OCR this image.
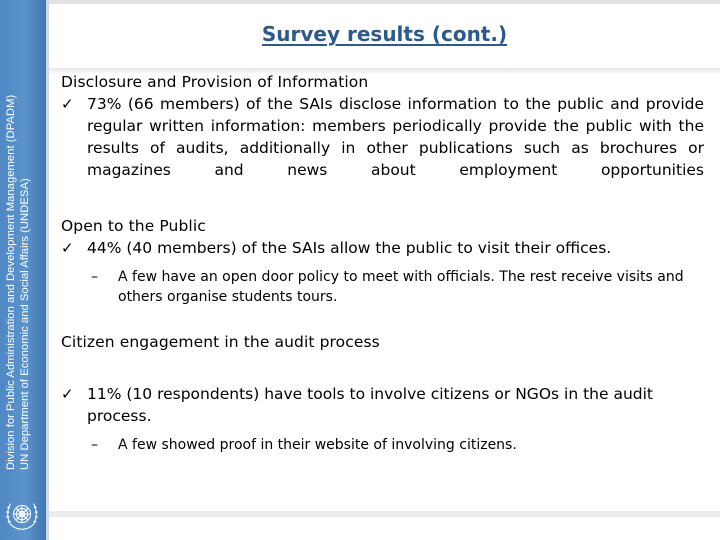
Division for Public Administration and Development Management (DPADM) UN Department of Economic and Social Affairs (UNDESA)
Survey results (cont.)
Disclosure and Provision of Information
✓ 73% (66 members) of the SAIs disclose information to the public and provide regular written information: members periodically provide the public with the results of audits, additionally in other publications such as brochures or magazines and news about employment opportunities
Open to the Public
✓ 44% (40 members) of the SAIs allow the public to visit their offices.
–	A few have an open door policy to meet with officials. The rest receive visits and others organise students tours.
Citizen engagement in the audit process
✓ 11% (10 respondents) have tools to involve citizens or NGOs in the audit process.
–	A few showed proof in their website of involving citizens.
